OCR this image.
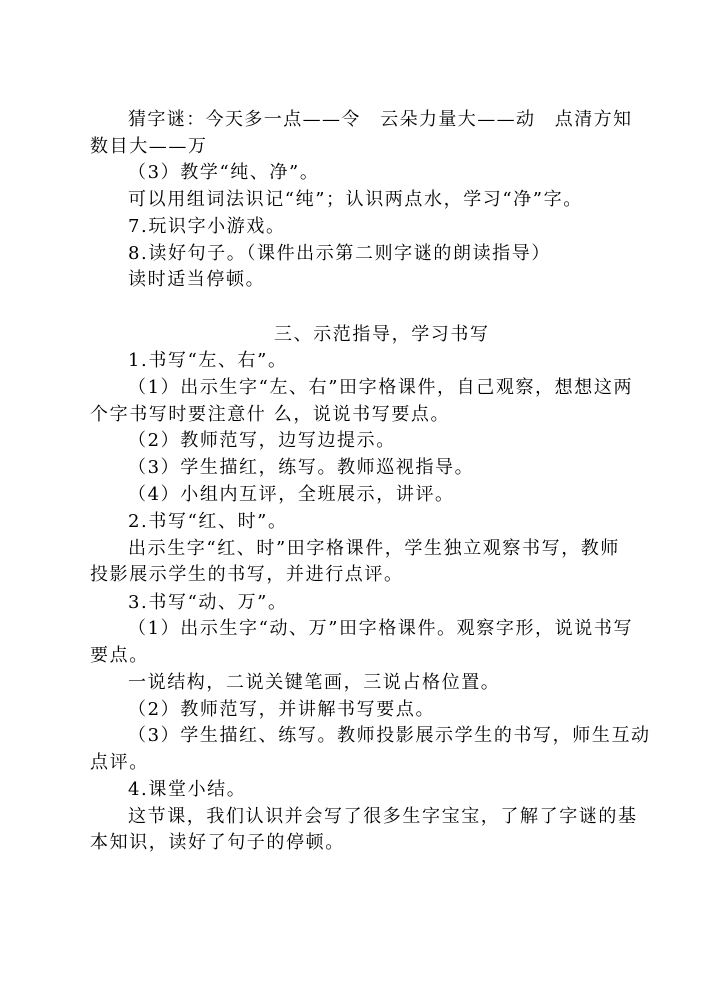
猜字谜：今天多一点——令　云朵力量大——动　点清方知
数目大——万
（3）教学“纯、净”。
可以用组词法识记“纯”；认识两点水，学习“净”字。
7.玩识字小游戏。
8.读好句子。（课件出示第二则字谜的朗读指导）
读时适当停顿。
三、示范指导，学习书写
1.书写“左、右”。
（1）出示生字“左、右”田字格课件，自己观察，想想这两
个字书写时要注意什 么，说说书写要点。
（2）教师范写，边写边提示。
（3）学生描红，练写。教师巡视指导。
（4）小组内互评，全班展示，讲评。
2.书写“红、时”。
出示生字“红、时”田字格课件，学生独立观察书写，教师
投影展示学生的书写，并进行点评。
3.书写“动、万”。
（1）出示生字“动、万”田字格课件。观察字形，说说书写
要点。
一说结构，二说关键笔画，三说占格位置。
（2）教师范写，并讲解书写要点。
（3）学生描红、练写。教师投影展示学生的书写，师生互动
点评。
4.课堂小结。
这节课，我们认识并会写了很多生字宝宝，了解了字谜的基
本知识，读好了句子的停顿。
